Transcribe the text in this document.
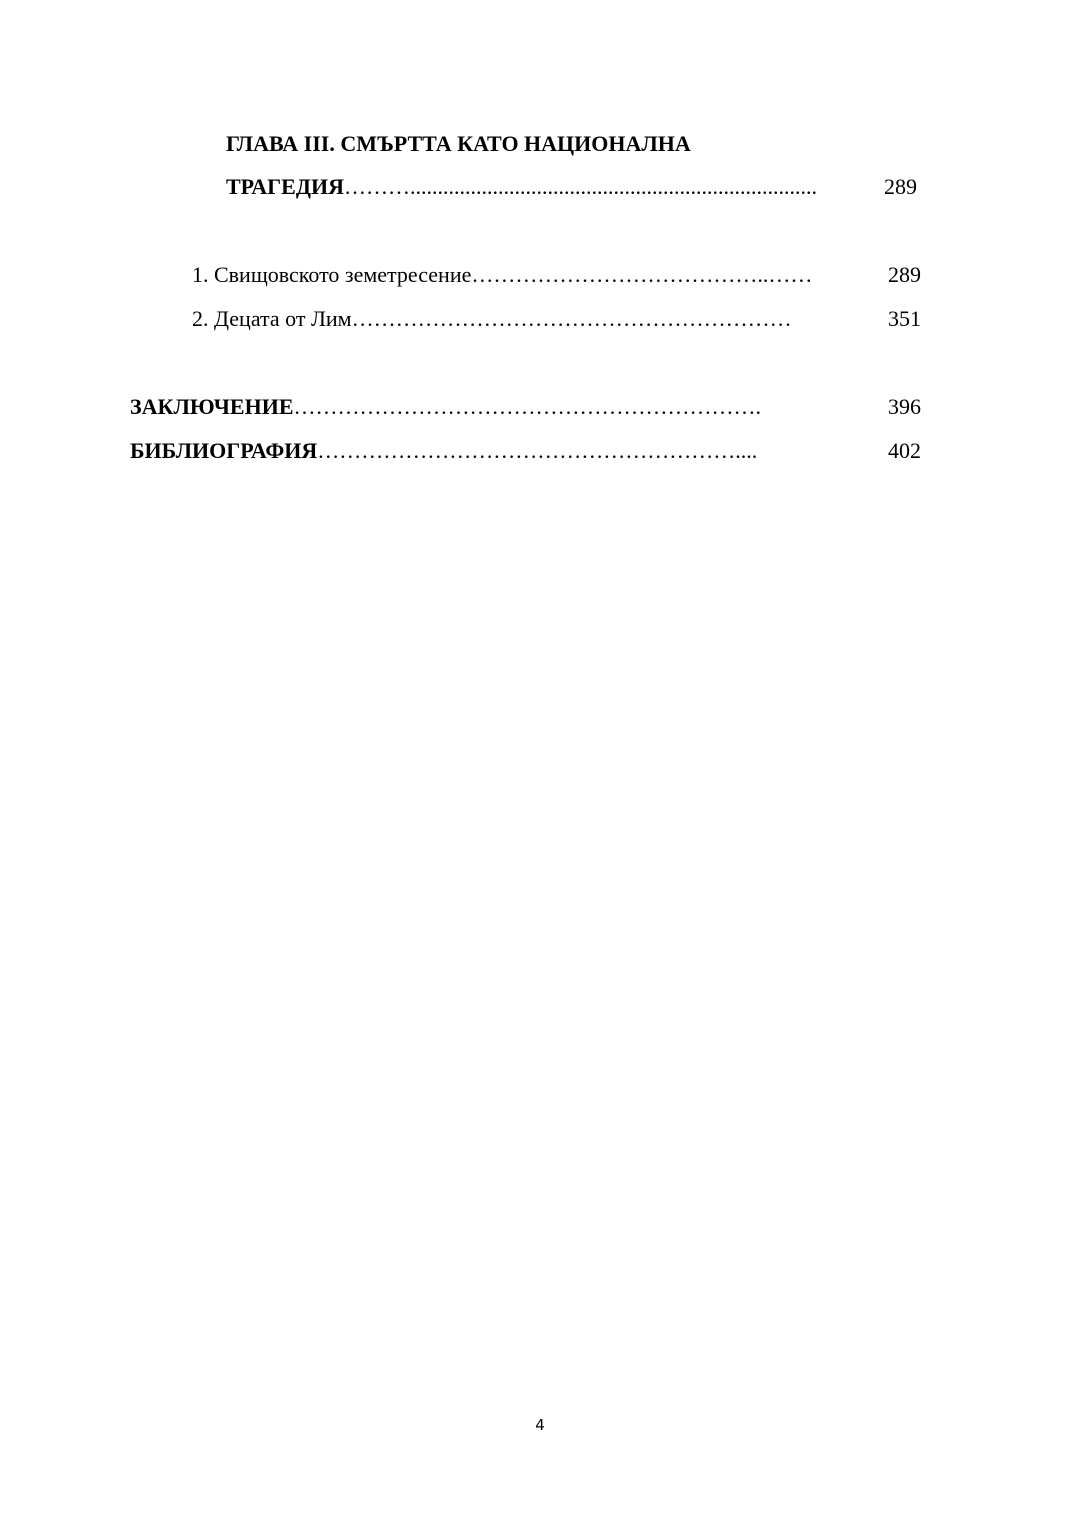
ГЛАВА III. СМЪРТТА КАТО НАЦИОНАЛНА
ТРАГЕДИЯ ………..........................................................................	289
1. Свищовското земетресение …………………………………..……	289
2. Децата от Лим ……………………………………………………	351
ЗАКЛЮЧЕНИЕ ……………………………………………………….	396
БИБЛИОГРАФИЯ …………………………………………………....	402
4
